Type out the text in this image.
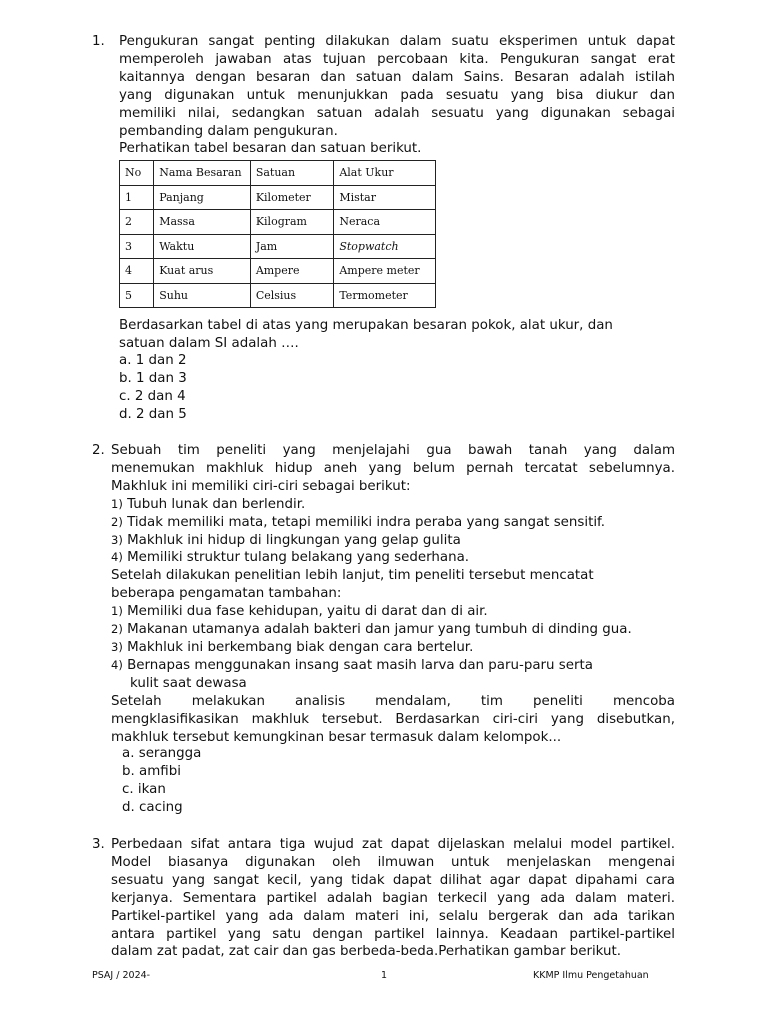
1. Pengukuran sangat penting dilakukan dalam suatu eksperimen untuk dapat
memperoleh jawaban atas tujuan percobaan kita. Pengukuran sangat erat
kaitannya dengan besaran dan satuan dalam Sains. Besaran adalah istilah
yang digunakan untuk menunjukkan pada sesuatu yang bisa diukur dan
memiliki nilai, sedangkan satuan adalah sesuatu yang digunakan sebagai
pembanding dalam pengukuran.
Perhatikan tabel besaran dan satuan berikut.
No	Nama Besaran	Satuan	Alat Ukur
1	Panjang	Kilometer	Mistar
2	Massa	Kilogram	Neraca
3	Waktu	Jam	Stopwatch
4	Kuat arus	Ampere	Ampere meter
5	Suhu	Celsius	Termometer
Berdasarkan tabel di atas yang merupakan besaran pokok, alat ukur, dan
satuan dalam SI adalah ….
a. 1 dan 2
b. 1 dan 3
c. 2 dan 4
d. 2 dan 5
2. Sebuah tim peneliti yang menjelajahi gua bawah tanah yang dalam
menemukan makhluk hidup aneh yang belum pernah tercatat sebelumnya.
Makhluk ini memiliki ciri-ciri sebagai berikut:
1) Tubuh lunak dan berlendir.
2) Tidak memiliki mata, tetapi memiliki indra peraba yang sangat sensitif.
3) Makhluk ini hidup di lingkungan yang gelap gulita
4) Memiliki struktur tulang belakang yang sederhana.
Setelah dilakukan penelitian lebih lanjut, tim peneliti tersebut mencatat
beberapa pengamatan tambahan:
1) Memiliki dua fase kehidupan, yaitu di darat dan di air.
2) Makanan utamanya adalah bakteri dan jamur yang tumbuh di dinding gua.
3) Makhluk ini berkembang biak dengan cara bertelur.
4) Bernapas menggunakan insang saat masih larva dan paru-paru serta
kulit saat dewasa
Setelah melakukan analisis mendalam, tim peneliti mencoba
mengklasifikasikan makhluk tersebut. Berdasarkan ciri-ciri yang disebutkan,
makhluk tersebut kemungkinan besar termasuk dalam kelompok...
a. serangga
b. amfibi
c. ikan
d. cacing
3. Perbedaan sifat antara tiga wujud zat dapat dijelaskan melalui model partikel.
Model biasanya digunakan oleh ilmuwan untuk menjelaskan mengenai
sesuatu yang sangat kecil, yang tidak dapat dilihat agar dapat dipahami cara
kerjanya. Sementara partikel adalah bagian terkecil yang ada dalam materi.
Partikel-partikel yang ada dalam materi ini, selalu bergerak dan ada tarikan
antara partikel yang satu dengan partikel lainnya. Keadaan partikel-partikel
dalam zat padat, zat cair dan gas berbeda-beda.Perhatikan gambar berikut.
PSAJ / 2024-	1	KKMP Ilmu Pengetahuan
